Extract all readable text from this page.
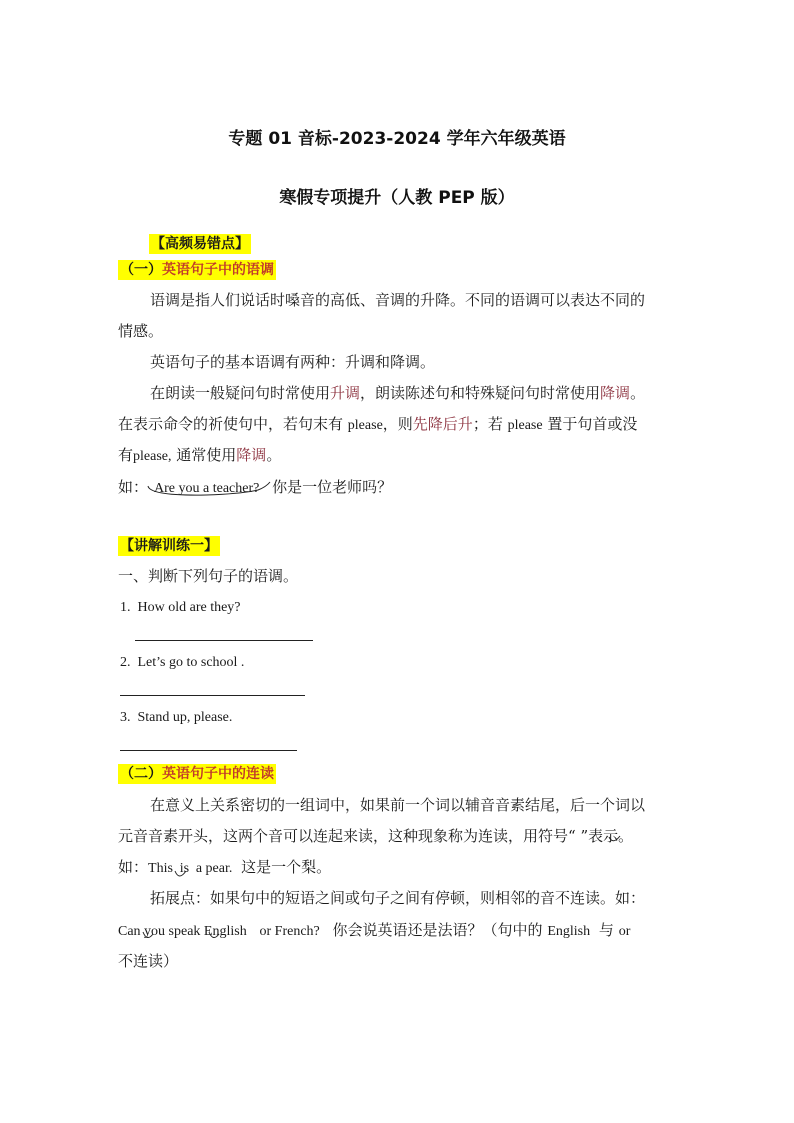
专题 01 音标-2023-2024 学年六年级英语
寒假专项提升（人教 PEP 版）
【高频易错点】
（一）英语句子中的语调
语调是指人们说话时嗓音的高低、音调的升降。不同的语调可以表达不同的
情感。
英语句子的基本语调有两种：升调和降调。
在朗读一般疑问句时常使用升调，朗读陈述句和特殊疑问句时常使用降调。
在表示命令的祈使句中，若句末有 please，则先降后升；若 please 置于句首或没
有please, 通常使用降调。
如： Are you a teacher? 你是一位老师吗？
【讲解训练一】
一、判断下列句子的语调。
1. How old are they?
2. Let’s go to school .
3. Stand up, please.
（二）英语句子中的连读
在意义上关系密切的一组词中，如果前一个词以辅音音素结尾，后一个词以
元音音素开头，这两个音可以连起来读，这种现象称为连读，用符号“ ”表示。
如：This is a pear. 这是一个梨。
拓展点：如果句中的短语之间或句子之间有停顿，则相邻的音不连读。如：
Can you speak English or French? 你会说英语还是法语？（句中的 English 与 or
不连读）
